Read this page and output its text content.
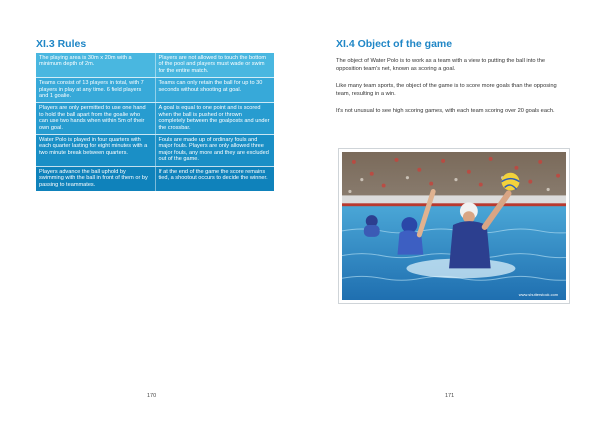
XI.3 Rules
The playing area is 30m x 20m with a minimum depth of 2m.	Players are not allowed to touch the bottom of the pool and players must wade or swim for the entire match.
Teams consist of 13 players in total, with 7 players in play at any time. 6 field players and 1 goalie.	Teams can only retain the ball for up to 30 seconds without shooting at goal.
Players are only permitted to use one hand to hold the ball apart from the goalie who can use two hands when within 5m of their own goal.	A goal is equal to one point and is scored when the ball is pushed or thrown completely between the goalposts and under the crossbar.
Water Polo is played in four quarters with each quarter lasting for eight minutes with a two minute break between quarters.	Fouls are made up of ordinary fouls and major fouls. Players are only allowed three major fouls, any more and they are excluded out of the game.
Players advance the ball uphold by swimming with the ball in front of them or by passing to teammates.	If at the end of the game the score remains tied, a shootout occurs to decide the winner.
170
XI.4 Object of the game

The object of Water Polo is to work as a team with a view to putting the ball into the opposition team's net, known as scoring a goal.

Like many team sports, the object of the game is to score more goals than the opposing team, resulting in a win.

It's not unusual to see high scoring games, with each team scoring over 20 goals each.

www.shutterstock.com
171
